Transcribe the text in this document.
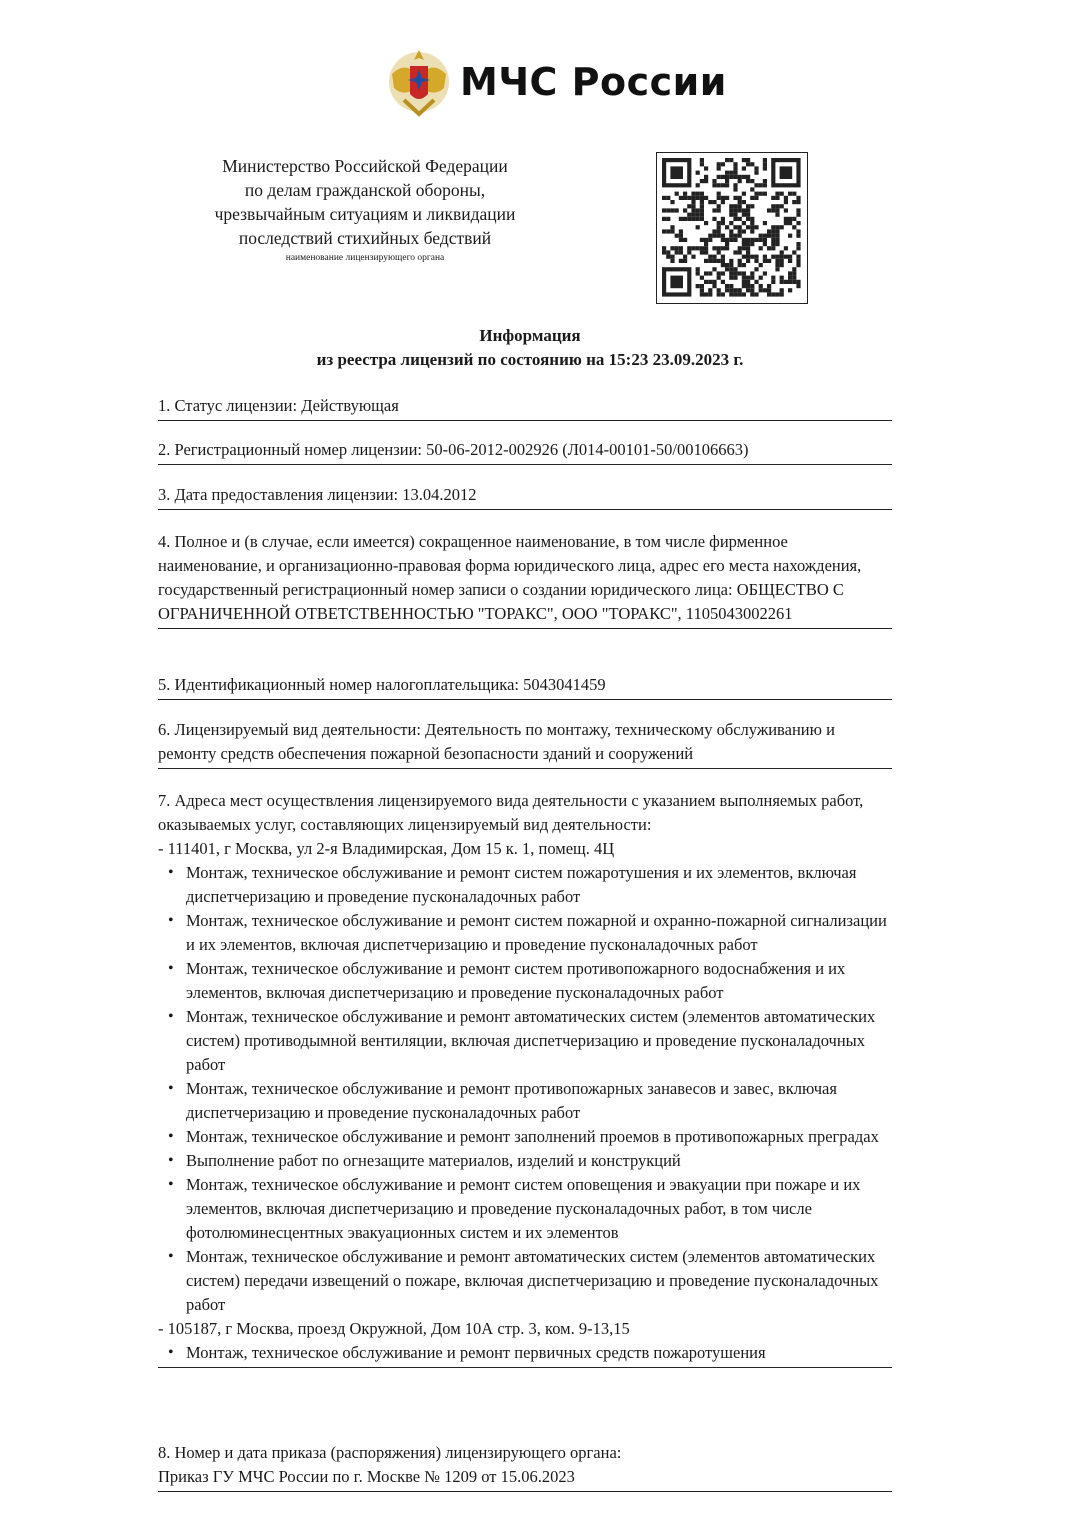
МЧС России
Министерство Российской Федерации
по делам гражданской обороны,
чрезвычайным ситуациям и ликвидации
последствий стихийных бедствий
наименование лицензирующего органа
Информация
из реестра лицензий по состоянию на 15:23 23.09.2023 г.

1. Статус лицензии: Действующая

2. Регистрационный номер лицензии: 50-06-2012-002926 (Л014-00101-50/00106663)

3. Дата предоставления лицензии: 13.04.2012

4. Полное и (в случае, если имеется) сокращенное наименование, в том числе фирменное наименование, и организационно-правовая форма юридического лица, адрес его места нахождения, государственный регистрационный номер записи о создании юридического лица: ОБЩЕСТВО С ОГРАНИЧЕННОЙ ОТВЕТСТВЕННОСТЬЮ "ТОРАКС", ООО "ТОРАКС", 1105043002261

5. Идентификационный номер налогоплательщика: 5043041459

6. Лицензируемый вид деятельности: Деятельность по монтажу, техническому обслуживанию и ремонту средств обеспечения пожарной безопасности зданий и сооружений

7. Адреса мест осуществления лицензируемого вида деятельности с указанием выполняемых работ, оказываемых услуг, составляющих лицензируемый вид деятельности:

- 111401, г Москва, ул 2-я Владимирская, Дом 15 к. 1, помещ. 4Ц

• Монтаж, техническое обслуживание и ремонт систем пожаротушения и их элементов, включая диспетчеризацию и проведение пусконаладочных работ
• Монтаж, техническое обслуживание и ремонт систем пожарной и охранно-пожарной сигнализации и их элементов, включая диспетчеризацию и проведение пусконаладочных работ
• Монтаж, техническое обслуживание и ремонт систем противопожарного водоснабжения и их элементов, включая диспетчеризацию и проведение пусконаладочных работ
• Монтаж, техническое обслуживание и ремонт автоматических систем (элементов автоматических систем) противодымной вентиляции, включая диспетчеризацию и проведение пусконаладочных работ
• Монтаж, техническое обслуживание и ремонт противопожарных занавесов и завес, включая диспетчеризацию и проведение пусконаладочных работ
• Монтаж, техническое обслуживание и ремонт заполнений проемов в противопожарных преградах
• Выполнение работ по огнезащите материалов, изделий и конструкций
• Монтаж, техническое обслуживание и ремонт систем оповещения и эвакуации при пожаре и их элементов, включая диспетчеризацию и проведение пусконаладочных работ, в том числе фотолюминесцентных эвакуационных систем и их элементов
• Монтаж, техническое обслуживание и ремонт автоматических систем (элементов автоматических систем) передачи извещений о пожаре, включая диспетчеризацию и проведение пусконаладочных работ

- 105187, г Москва, проезд Окружной, Дом 10А стр. 3, ком. 9-13,15

• Монтаж, техническое обслуживание и ремонт первичных средств пожаротушения

8. Номер и дата приказа (распоряжения) лицензирующего органа:

Приказ ГУ МЧС России по г. Москве № 1209 от 15.06.2023
